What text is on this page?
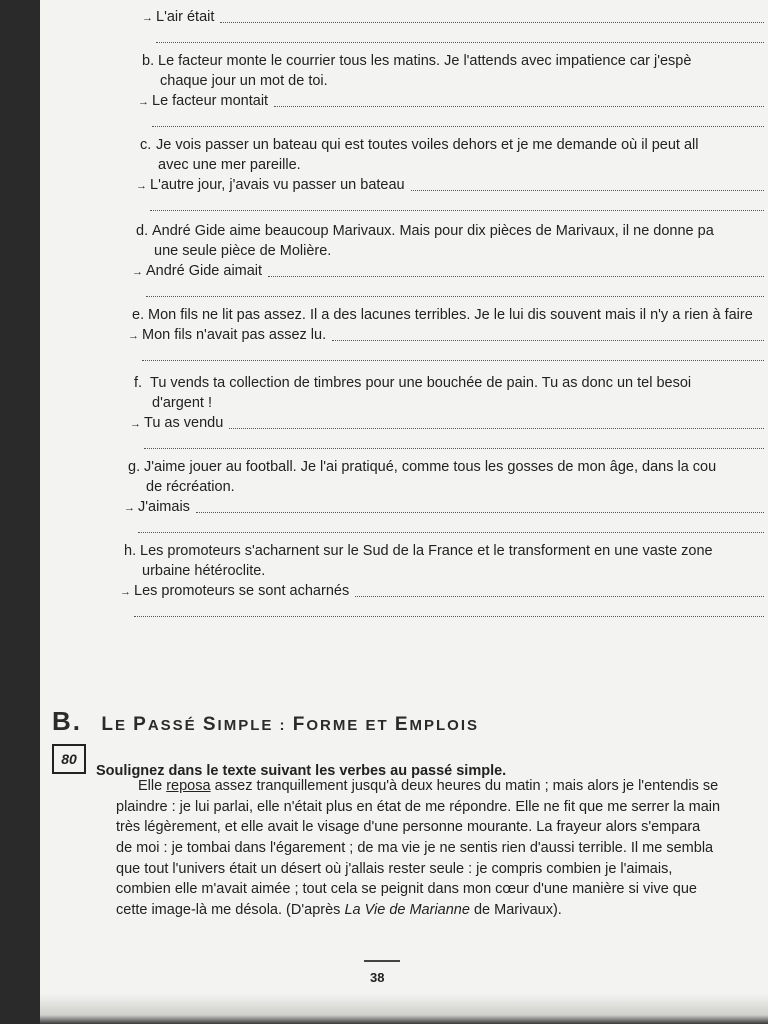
→ L'air était
b. Le facteur monte le courrier tous les matins. Je l'attends avec impatience car j'espè
chaque jour un mot de toi.
→ Le facteur montait
c. Je vois passer un bateau qui est toutes voiles dehors et je me demande où il peut all
avec une mer pareille.
→ L'autre jour, j'avais vu passer un bateau
d. André Gide aime beaucoup Marivaux. Mais pour dix pièces de Marivaux, il ne donne pa
une seule pièce de Molière.
→ André Gide aimait
e. Mon fils ne lit pas assez. Il a des lacunes terribles. Je le lui dis souvent mais il n'y a rien à faire
→ Mon fils n'avait pas assez lu.
f. Tu vends ta collection de timbres pour une bouchée de pain. Tu as donc un tel besoi
d'argent !
→ Tu as vendu
g. J'aime jouer au football. Je l'ai pratiqué, comme tous les gosses de mon âge, dans la cou
de récréation.
→ J'aimais
h. Les promoteurs s'acharnent sur le Sud de la France et le transforment en une vaste zone
urbaine hétéroclite.
→ Les promoteurs se sont acharnés
B. LE PASSÉ SIMPLE : FORME ET EMPLOIS
80
Soulignez dans le texte suivant les verbes au passé simple.
Elle reposa assez tranquillement jusqu'à deux heures du matin ; mais alors je l'entendis se
plaindre : je lui parlai, elle n'était plus en état de me répondre. Elle ne fit que me serrer la main
très légèrement, et elle avait le visage d'une personne mourante. La frayeur alors s'empara
de moi : je tombai dans l'égarement ; de ma vie je ne sentis rien d'aussi terrible. Il me sembla
que tout l'univers était un désert où j'allais rester seule : je compris combien je l'aimais,
combien elle m'avait aimée ; tout cela se peignit dans mon cœur d'une manière si vive que
cette image-là me désola. (D'après La Vie de Marianne de Marivaux).
38
